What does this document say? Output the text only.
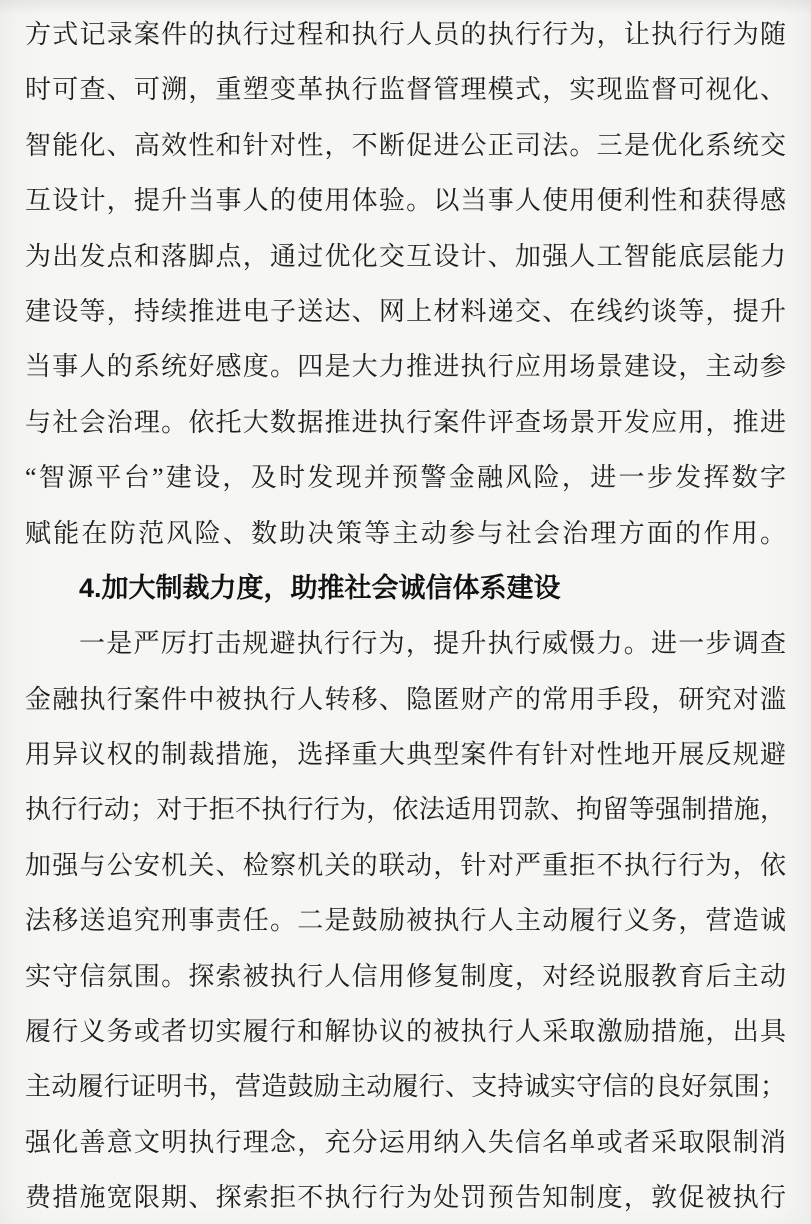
方式记录案件的执行过程和执行人员的执行行为，让执行行为随
时可查、可溯，重塑变革执行监督管理模式，实现监督可视化、
智能化、高效性和针对性，不断促进公正司法。三是优化系统交
互设计，提升当事人的使用体验。以当事人使用便利性和获得感
为出发点和落脚点，通过优化交互设计、加强人工智能底层能力
建设等，持续推进电子送达、网上材料递交、在线约谈等，提升
当事人的系统好感度。四是大力推进执行应用场景建设，主动参
与社会治理。依托大数据推进执行案件评查场景开发应用，推进
“智源平台”建设，及时发现并预警金融风险，进一步发挥数字
赋能在防范风险、数助决策等主动参与社会治理方面的作用。
4.加大制裁力度，助推社会诚信体系建设
一是严厉打击规避执行行为，提升执行威慑力。进一步调查
金融执行案件中被执行人转移、隐匿财产的常用手段，研究对滥
用异议权的制裁措施，选择重大典型案件有针对性地开展反规避
执行行动；对于拒不执行行为，依法适用罚款、拘留等强制措施，
加强与公安机关、检察机关的联动，针对严重拒不执行行为，依
法移送追究刑事责任。二是鼓励被执行人主动履行义务，营造诚
实守信氛围。探索被执行人信用修复制度，对经说服教育后主动
履行义务或者切实履行和解协议的被执行人采取激励措施，出具
主动履行证明书，营造鼓励主动履行、支持诚实守信的良好氛围；
强化善意文明执行理念，充分运用纳入失信名单或者采取限制消
费措施宽限期、探索拒不执行行为处罚预告知制度，敦促被执行
